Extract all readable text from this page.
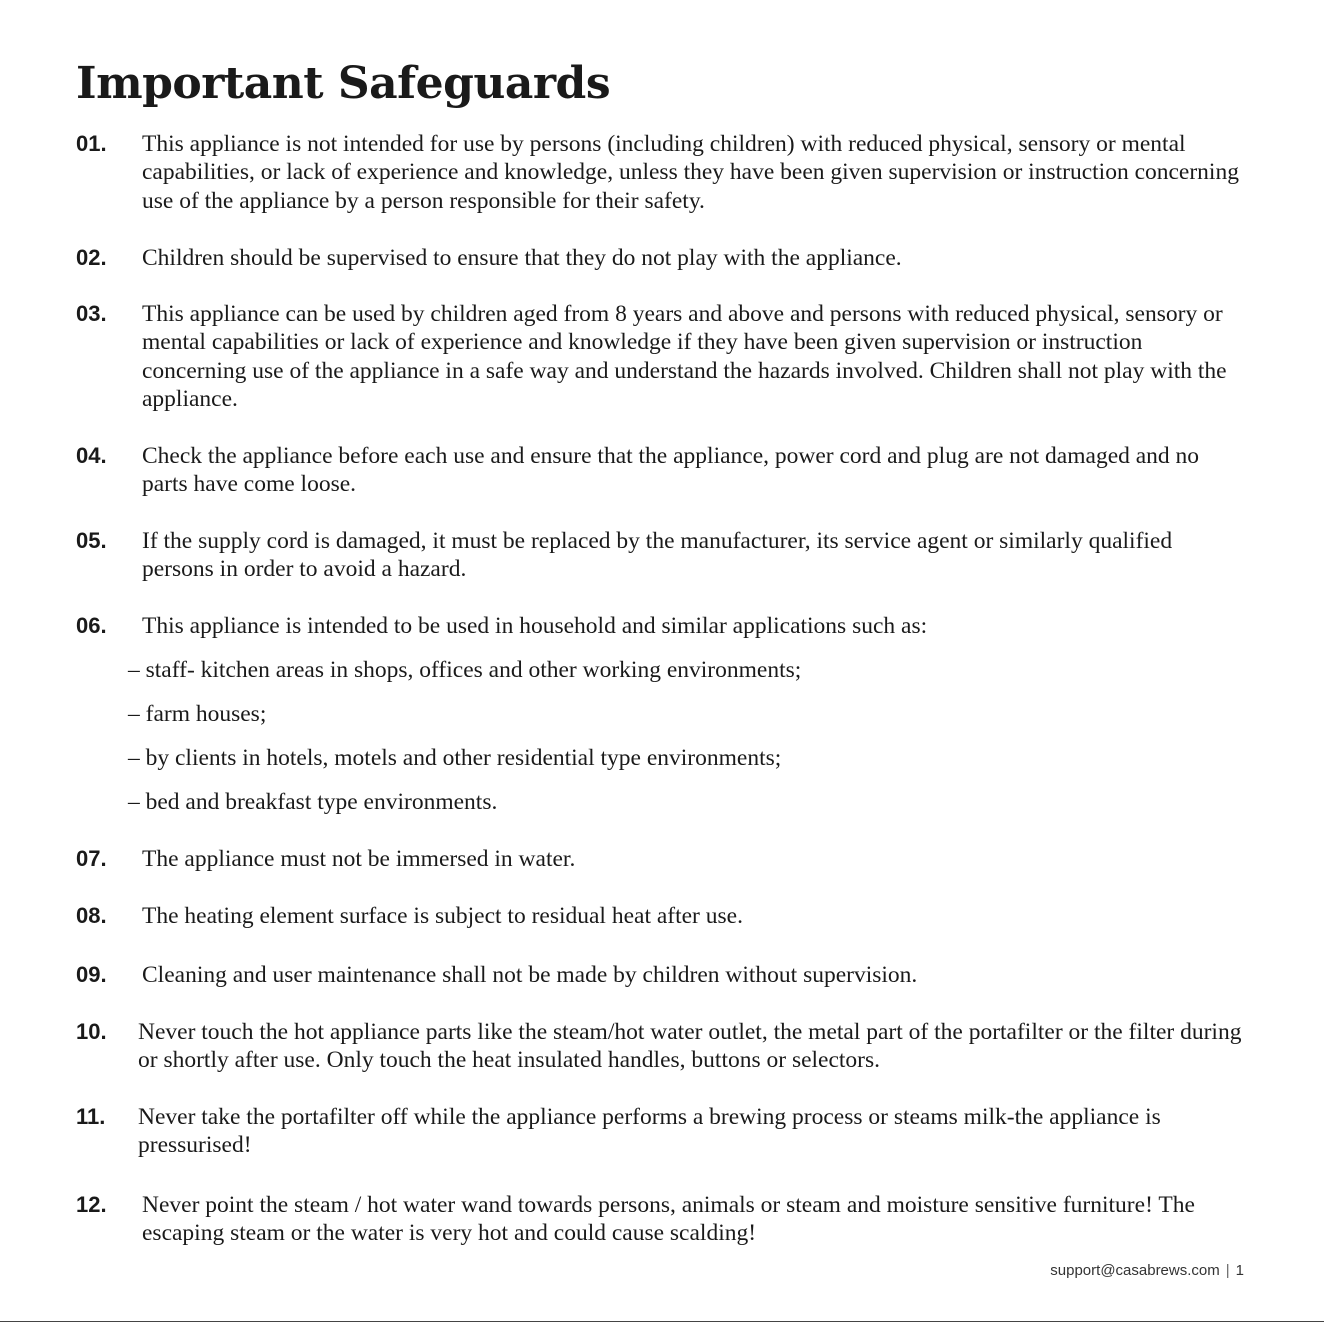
Important Safeguards
01. This appliance is not intended for use by persons (including children) with reduced physical, sensory or mental capabilities, or lack of experience and knowledge, unless they have been given supervision or instruction concerning use of the appliance by a person responsible for their safety.
02. Children should be supervised to ensure that they do not play with the appliance.
03. This appliance can be used by children aged from 8 years and above and persons with reduced physical, sensory or mental capabilities or lack of experience and knowledge if they have been given supervision or instruction concerning use of the appliance in a safe way and understand the hazards involved. Children shall not play with the appliance.
04. Check the appliance before each use and ensure that the appliance, power cord and plug are not damaged and no parts have come loose.
05. If the supply cord is damaged, it must be replaced by the manufacturer, its service agent or similarly qualified persons in order to avoid a hazard.
06. This appliance is intended to be used in household and similar applications such as:
– staff- kitchen areas in shops, offices and other working environments;
– farm houses;
– by clients in hotels, motels and other residential type environments;
– bed and breakfast type environments.
07. The appliance must not be immersed in water.
08. The heating element surface is subject to residual heat after use.
09. Cleaning and user maintenance shall not be made by children without supervision.
10. Never touch the hot appliance parts like the steam/hot water outlet, the metal part of the portafilter or the filter during or shortly after use. Only touch the heat insulated handles, buttons or selectors.
11. Never take the portafilter off while the appliance performs a brewing process or steams milk-the appliance is pressurised!
12. Never point the steam / hot water wand towards persons, animals or steam and moisture sensitive furniture! The escaping steam or the water is very hot and could cause scalding!
support@casabrews.com | 1
